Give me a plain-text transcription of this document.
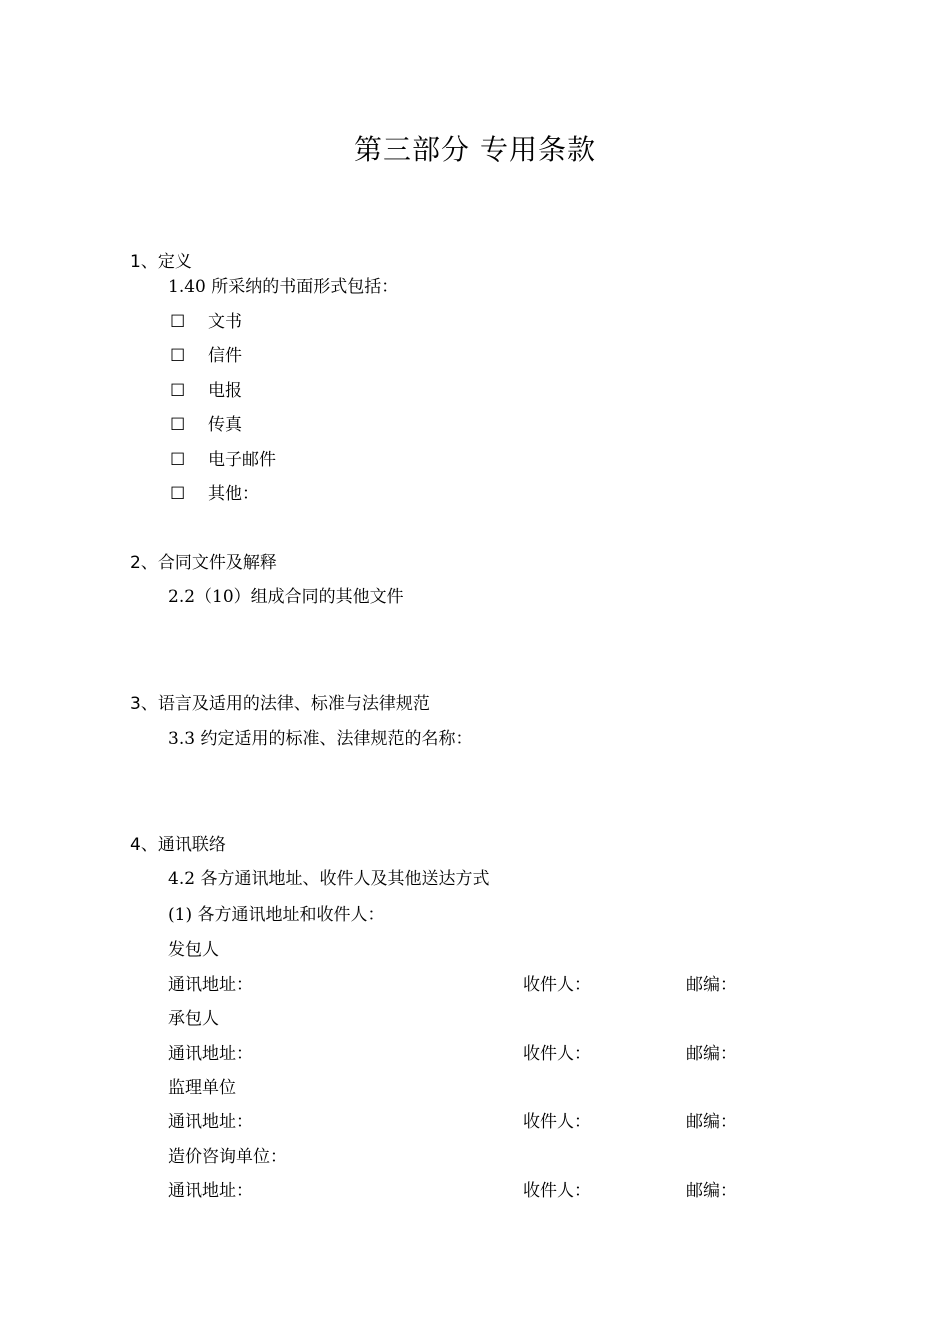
第三部分 专用条款
1、定义
1.40 所采纳的书面形式包括：
☐ 文书
☐ 信件
☐ 电报
☐ 传真
☐ 电子邮件
☐ 其他：
2、合同文件及解释
2.2（10）组成合同的其他文件
3、语言及适用的法律、标准与法律规范
3.3 约定适用的标准、法律规范的名称：
4、通讯联络
4.2 各方通讯地址、收件人及其他送达方式
(1) 各方通讯地址和收件人：
发包人
通讯地址：	收件人：	邮编：
承包人
通讯地址：	收件人：	邮编：
监理单位
通讯地址：	收件人：	邮编：
造价咨询单位：
通讯地址：	收件人：	邮编：
